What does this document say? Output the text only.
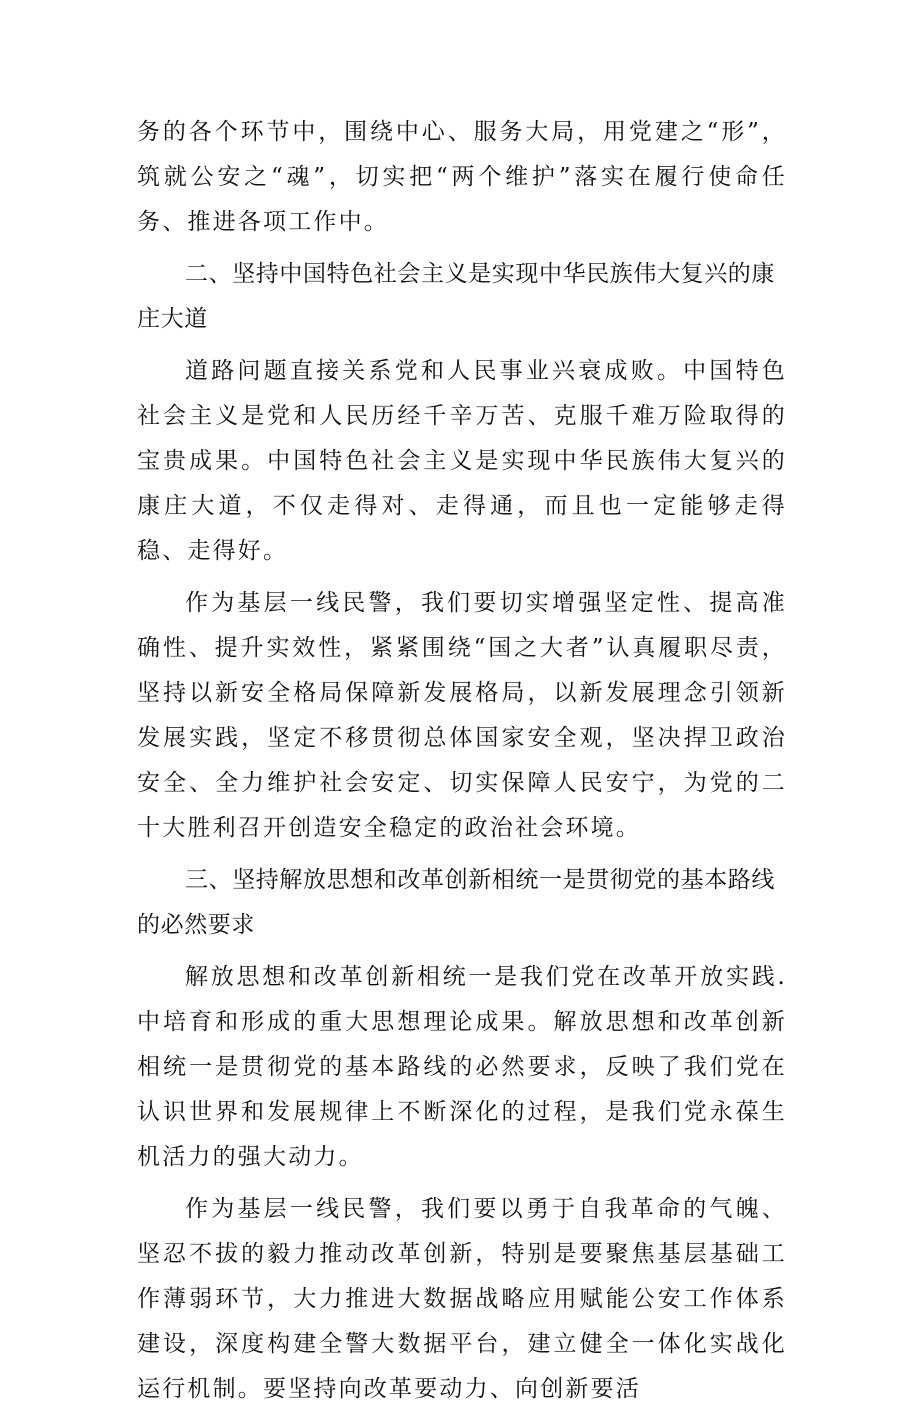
务的各个环节中，围绕中心、服务大局，用党建之“形”，筑就公安之“魂”，切实把“两个维护”落实在履行使命任务、推进各项工作中。

二、坚持中国特色社会主义是实现中华民族伟大复兴的康庄大道

道路问题直接关系党和人民事业兴衰成败。中国特色社会主义是党和人民历经千辛万苦、克服千难万险取得的宝贵成果。中国特色社会主义是实现中华民族伟大复兴的康庄大道，不仅走得对、走得通，而且也一定能够走得稳、走得好。

作为基层一线民警，我们要切实增强坚定性、提高准确性、提升实效性，紧紧围绕“国之大者”认真履职尽责，坚持以新安全格局保障新发展格局，以新发展理念引领新发展实践，坚定不移贯彻总体国家安全观，坚决捍卫政治安全、全力维护社会安定、切实保障人民安宁，为党的二十大胜利召开创造安全稳定的政治社会环境。

三、坚持解放思想和改革创新相统一是贯彻党的基本路线的必然要求

解放思想和改革创新相统一是我们党在改革开放实践.中培育和形成的重大思想理论成果。解放思想和改革创新相统一是贯彻党的基本路线的必然要求，反映了我们党在认识世界和发展规律上不断深化的过程，是我们党永葆生机活力的强大动力。

作为基层一线民警，我们要以勇于自我革命的气魄、坚忍不拔的毅力推动改革创新，特别是要聚焦基层基础工作薄弱环节，大力推进大数据战略应用赋能公安工作体系建设，深度构建全警大数据平台，建立健全一体化实战化运行机制。要坚持向改革要动力、向创新要活
